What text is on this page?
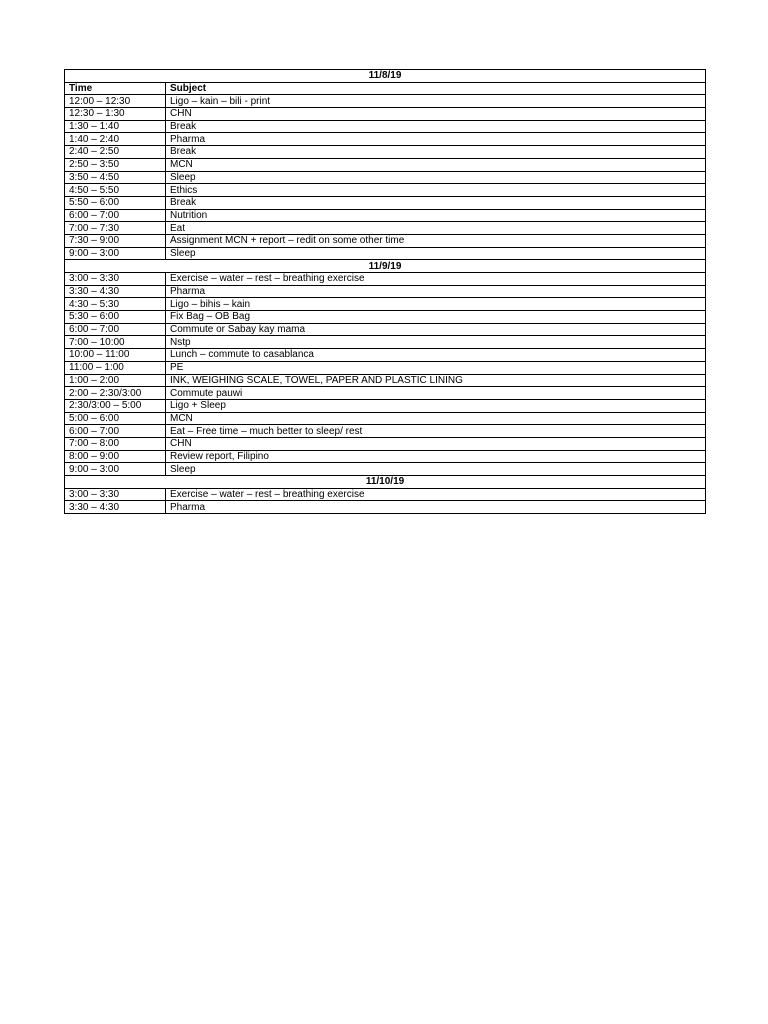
11/8/19	
Time	Subject
12:00 – 12:30	Ligo – kain – bili - print
12:30 – 1:30	CHN
1:30 – 1:40	Break
1:40 – 2:40	Pharma
2:40 – 2:50	Break
2:50 – 3:50	MCN
3:50 – 4:50	Sleep
4:50 – 5:50	Ethics
5:50 – 6:00	Break
6:00 – 7:00	Nutrition
7:00 – 7:30	Eat
7:30 – 9:00	Assignment MCN + report – redit on some other time
9:00 – 3:00	Sleep
11/9/19	
3:00 – 3:30	Exercise – water – rest – breathing exercise
3:30 – 4:30	Pharma
4:30 – 5:30	Ligo – bihis – kain
5:30 – 6:00	Fix Bag – OB Bag
6:00 – 7:00	Commute or Sabay kay mama
7:00 – 10:00	Nstp
10:00 – 11:00	Lunch – commute to casablanca
11:00 – 1:00	PE
1:00 – 2:00	INK, WEIGHING SCALE, TOWEL, PAPER AND PLASTIC LINING
2:00 – 2:30/3:00	Commute pauwi
2:30/3:00 – 5:00	Ligo + Sleep
5:00 – 6:00	MCN
6:00 – 7:00	Eat – Free time – much better to sleep/ rest
7:00 – 8:00	CHN
8:00 – 9:00	Review report, Filipino
9:00 – 3:00	Sleep
11/10/19	
3:00 – 3:30	Exercise – water – rest – breathing exercise
3:30 – 4:30	Pharma
